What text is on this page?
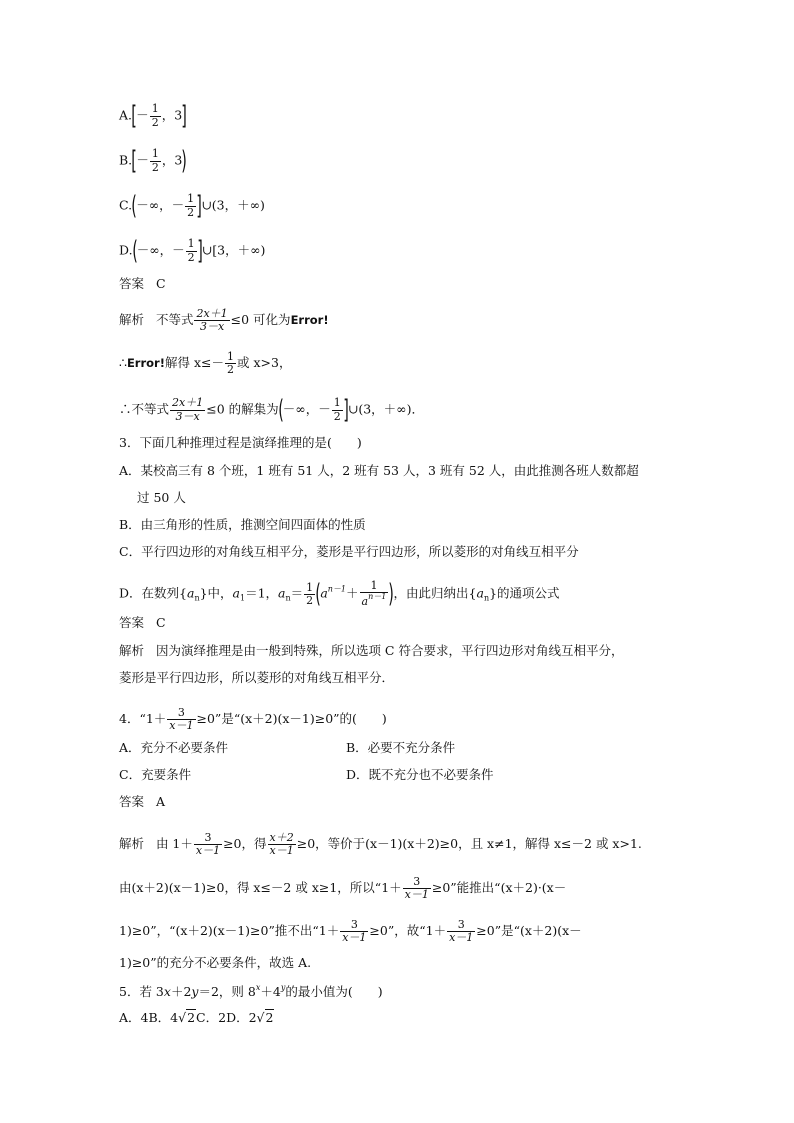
$A.[- \frac{1}{2}$ ，3]
$B.[- \frac{1}{2}$ ，3)
C.(－∞，－ $\frac{1}{2}$ ]∪(3，＋∞)
D.(－∞，－ $\frac{1}{2}$ ]∪[3，＋∞)
答案 C
解析 不等式 $\frac{2x+1}{3-x} \le 0$ 可化为Error!
∴Error!解得 $x\le- \frac{1}{2}$ 或 x>3，
∴不等式 $\frac{2x+1}{3-x} \le 0$ 的解集为(－∞，－ $\frac{1}{2}$ ]∪(3，＋∞)．
3．下面几种推理过程是演绎推理的是(　　)
A．某校高三有 8 个班，1 班有 51 人，2 班有 53 人，3 班有 52 人，由此推测各班人数都超
过 50 人
B．由三角形的性质，推测空间四面体的性质
C．平行四边形的对角线互相平分，菱形是平行四边形，所以菱形的对角线互相平分
D．在数列$\{a_n\}$中，$a_1=1$，$a_n= \frac{1}{2} (a^{n-1}+ \frac{1}{a^{n-1}}$ )，由此归纳出$\{a_n\}$的通项公式
答案 C
解析 因为演绎推理是由一般到特殊，所以选项 C 符合要求，平行四边形对角线互相平分，
菱形是平行四边形，所以菱形的对角线互相平分．
4．“$1+ \frac{3}{x-1} \ge 0$”是“(x＋2)(x－1)≥0”的(　　)
A．充分不必要条件	B．必要不充分条件
C．充要条件	D．既不充分也不必要条件
答案 A
解析 由 $1+ \frac{3}{x-1} \ge 0$，得 $\frac{x+2}{x-1} \ge 0$，等价于(x－1)(x＋2)≥0，且 x≠1，解得 x≤－2 或 x>1.
由(x＋2)(x－1)≥0，得 x≤－2 或 x≥1，所以“$1+ \frac{3}{x-1} \ge 0$”能推出“(x＋2)·(x－
1)≥0”，“(x＋2)(x－1)≥0”推不出“$1+ \frac{3}{x-1} \ge 0$”，故“$1+ \frac{3}{x-1} \ge 0$”是“(x＋2)(x－
1)≥0”的充分不必要条件，故选 A.
5．若 3x＋2y＝2，则 $8^x+4^y$的最小值为(　　)
A．4B．4√2C．2D．2√2
